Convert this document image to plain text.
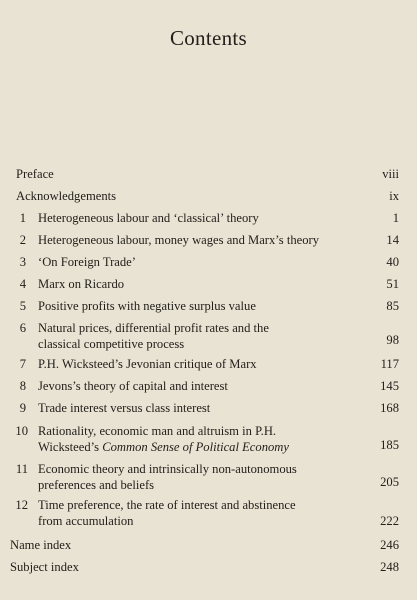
Contents
Preface	viii
Acknowledgements	ix
1 Heterogeneous labour and ‘classical’ theory	1
2 Heterogeneous labour, money wages and Marx’s theory	14
3 ‘On Foreign Trade’	40
4 Marx on Ricardo	51
5 Positive profits with negative surplus value	85
6 Natural prices, differential profit rates and the
classical competitive process	98
7 P.H. Wicksteed’s Jevonian critique of Marx	117
8 Jevons’s theory of capital and interest	145
9 Trade interest versus class interest	168
10 Rationality, economic man and altruism in P.H.
Wicksteed’s Common Sense of Political Economy	185
11 Economic theory and intrinsically non-autonomous
preferences and beliefs	205
12 Time preference, the rate of interest and abstinence
from accumulation	222
Name index	246
Subject index	248
